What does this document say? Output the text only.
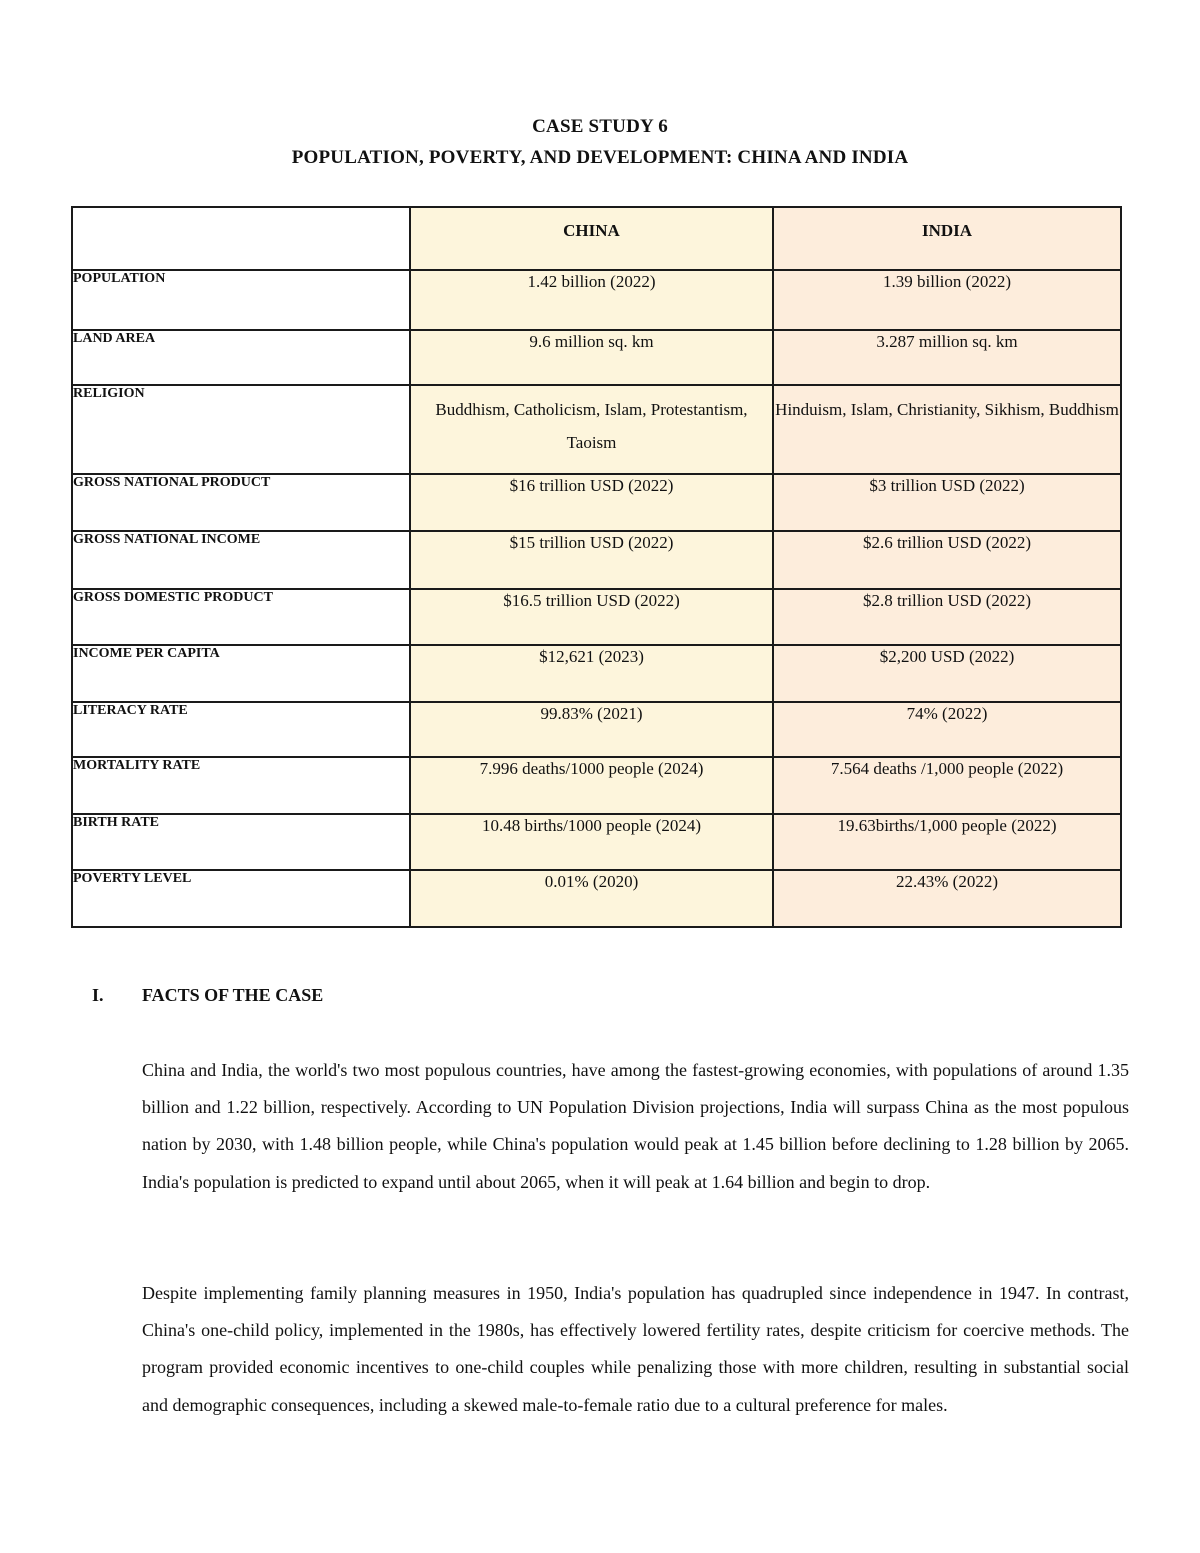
CASE STUDY 6
POPULATION, POVERTY, AND DEVELOPMENT: CHINA AND INDIA
	CHINA	INDIA
POPULATION	1.42 billion (2022)	1.39 billion (2022)
LAND AREA	9.6 million sq. km	3.287 million sq. km
RELIGION	Buddhism, Catholicism, Islam, Protestantism, Taoism	Hinduism, Islam, Christianity, Sikhism, Buddhism
GROSS NATIONAL PRODUCT	$16 trillion USD (2022)	$3 trillion USD (2022)
GROSS NATIONAL INCOME	$15 trillion USD (2022)	$2.6 trillion USD (2022)
GROSS DOMESTIC PRODUCT	$16.5 trillion USD (2022)	$2.8 trillion USD (2022)
INCOME PER CAPITA	$12,621 (2023)	$2,200 USD (2022)
LITERACY RATE	99.83% (2021)	74% (2022)
MORTALITY RATE	7.996 deaths/1000 people (2024)	7.564 deaths /1,000 people (2022)
BIRTH RATE	10.48 births/1000 people (2024)	19.63births/1,000 people (2022)
POVERTY LEVEL	0.01% (2020)	22.43% (2022)
I. FACTS OF THE CASE

China and India, the world's two most populous countries, have among the fastest-growing economies, with populations of around 1.35 billion and 1.22 billion, respectively. According to UN Population Division projections, India will surpass China as the most populous nation by 2030, with 1.48 billion people, while China's population would peak at 1.45 billion before declining to 1.28 billion by 2065. India's population is predicted to expand until about 2065, when it will peak at 1.64 billion and begin to drop.

Despite implementing family planning measures in 1950, India's population has quadrupled since independence in 1947. In contrast, China's one-child policy, implemented in the 1980s, has effectively lowered fertility rates, despite criticism for coercive methods. The program provided economic incentives to one-child couples while penalizing those with more children, resulting in substantial social and demographic consequences, including a skewed male-to-female ratio due to a cultural preference for males.
